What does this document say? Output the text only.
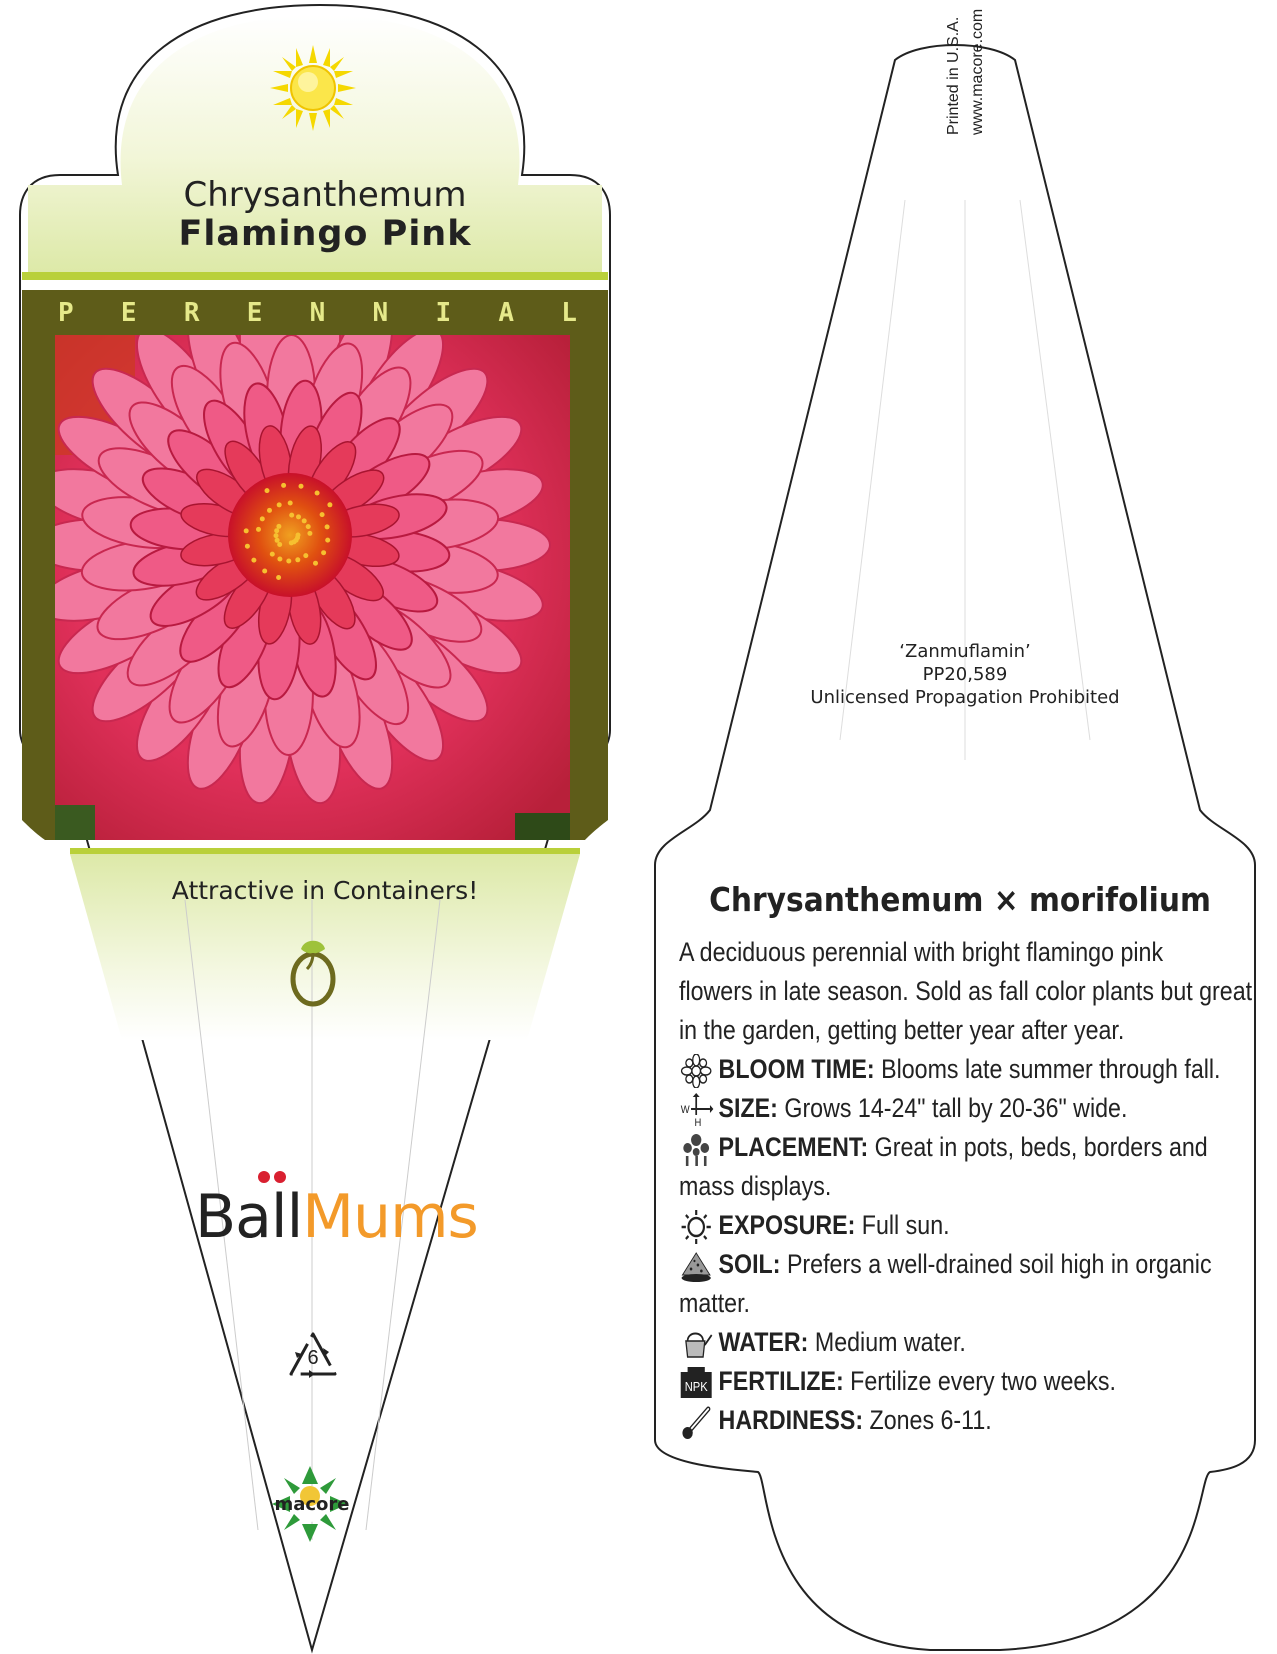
Chrysanthemum
Flamingo Pink
P E R E N N I A L
Attractive in Containers!
BallMums
6
macore
Printed in U.S.A. www.macore.com
‘Zanmuflamin’
PP20,589
Unlicensed Propagation Prohibited
Chrysanthemum × morifolium
A deciduous perennial with bright flamingo pink
flowers in late season. Sold as fall color plants but great
in the garden, getting better year after year.
BLOOM TIME: Blooms late summer through fall.
W
H
SIZE: Grows 14-24" tall by 20-36" wide.
PLACEMENT: Great in pots, beds, borders and
mass displays.
EXPOSURE: Full sun.
SOIL: Prefers a well-drained soil high in organic
matter.
WATER: Medium water.
NPK FERTILIZE: Fertilize every two weeks.
HARDINESS: Zones 6-11.
